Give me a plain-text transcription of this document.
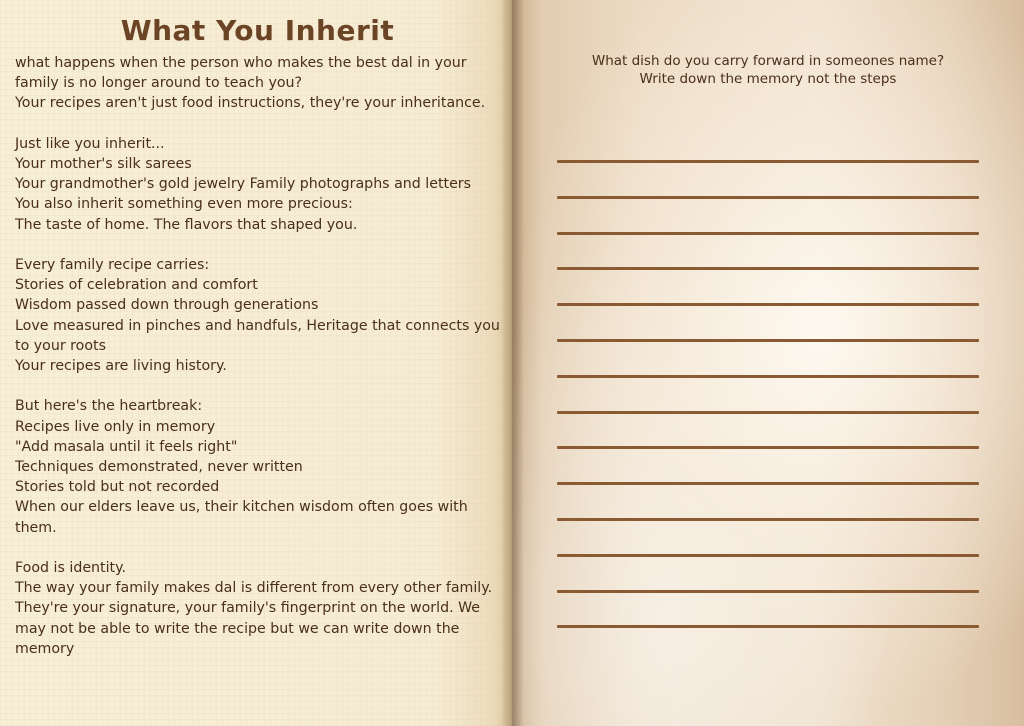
What You Inherit
what happens when the person who makes the best dal in your family is no longer around to teach you?
Your recipes aren't just food instructions, they're your inheritance.
Just like you inherit...
Your mother's silk sarees
Your grandmother's gold jewelry Family photographs and letters
You also inherit something even more precious:
The taste of home. The flavors that shaped you.
Every family recipe carries:
Stories of celebration and comfort
Wisdom passed down through generations
Love measured in pinches and handfuls, Heritage that connects you to your roots
Your recipes are living history.
But here's the heartbreak:
Recipes live only in memory
"Add masala until it feels right"
Techniques demonstrated, never written
Stories told but not recorded
When our elders leave us, their kitchen wisdom often goes with them.
Food is identity.
The way your family makes dal is different from every other family. They're your signature, your family's fingerprint on the world. We may not be able to write the recipe but we can write down the memory
What dish do you carry forward in someones name?
Write down the memory not the steps
